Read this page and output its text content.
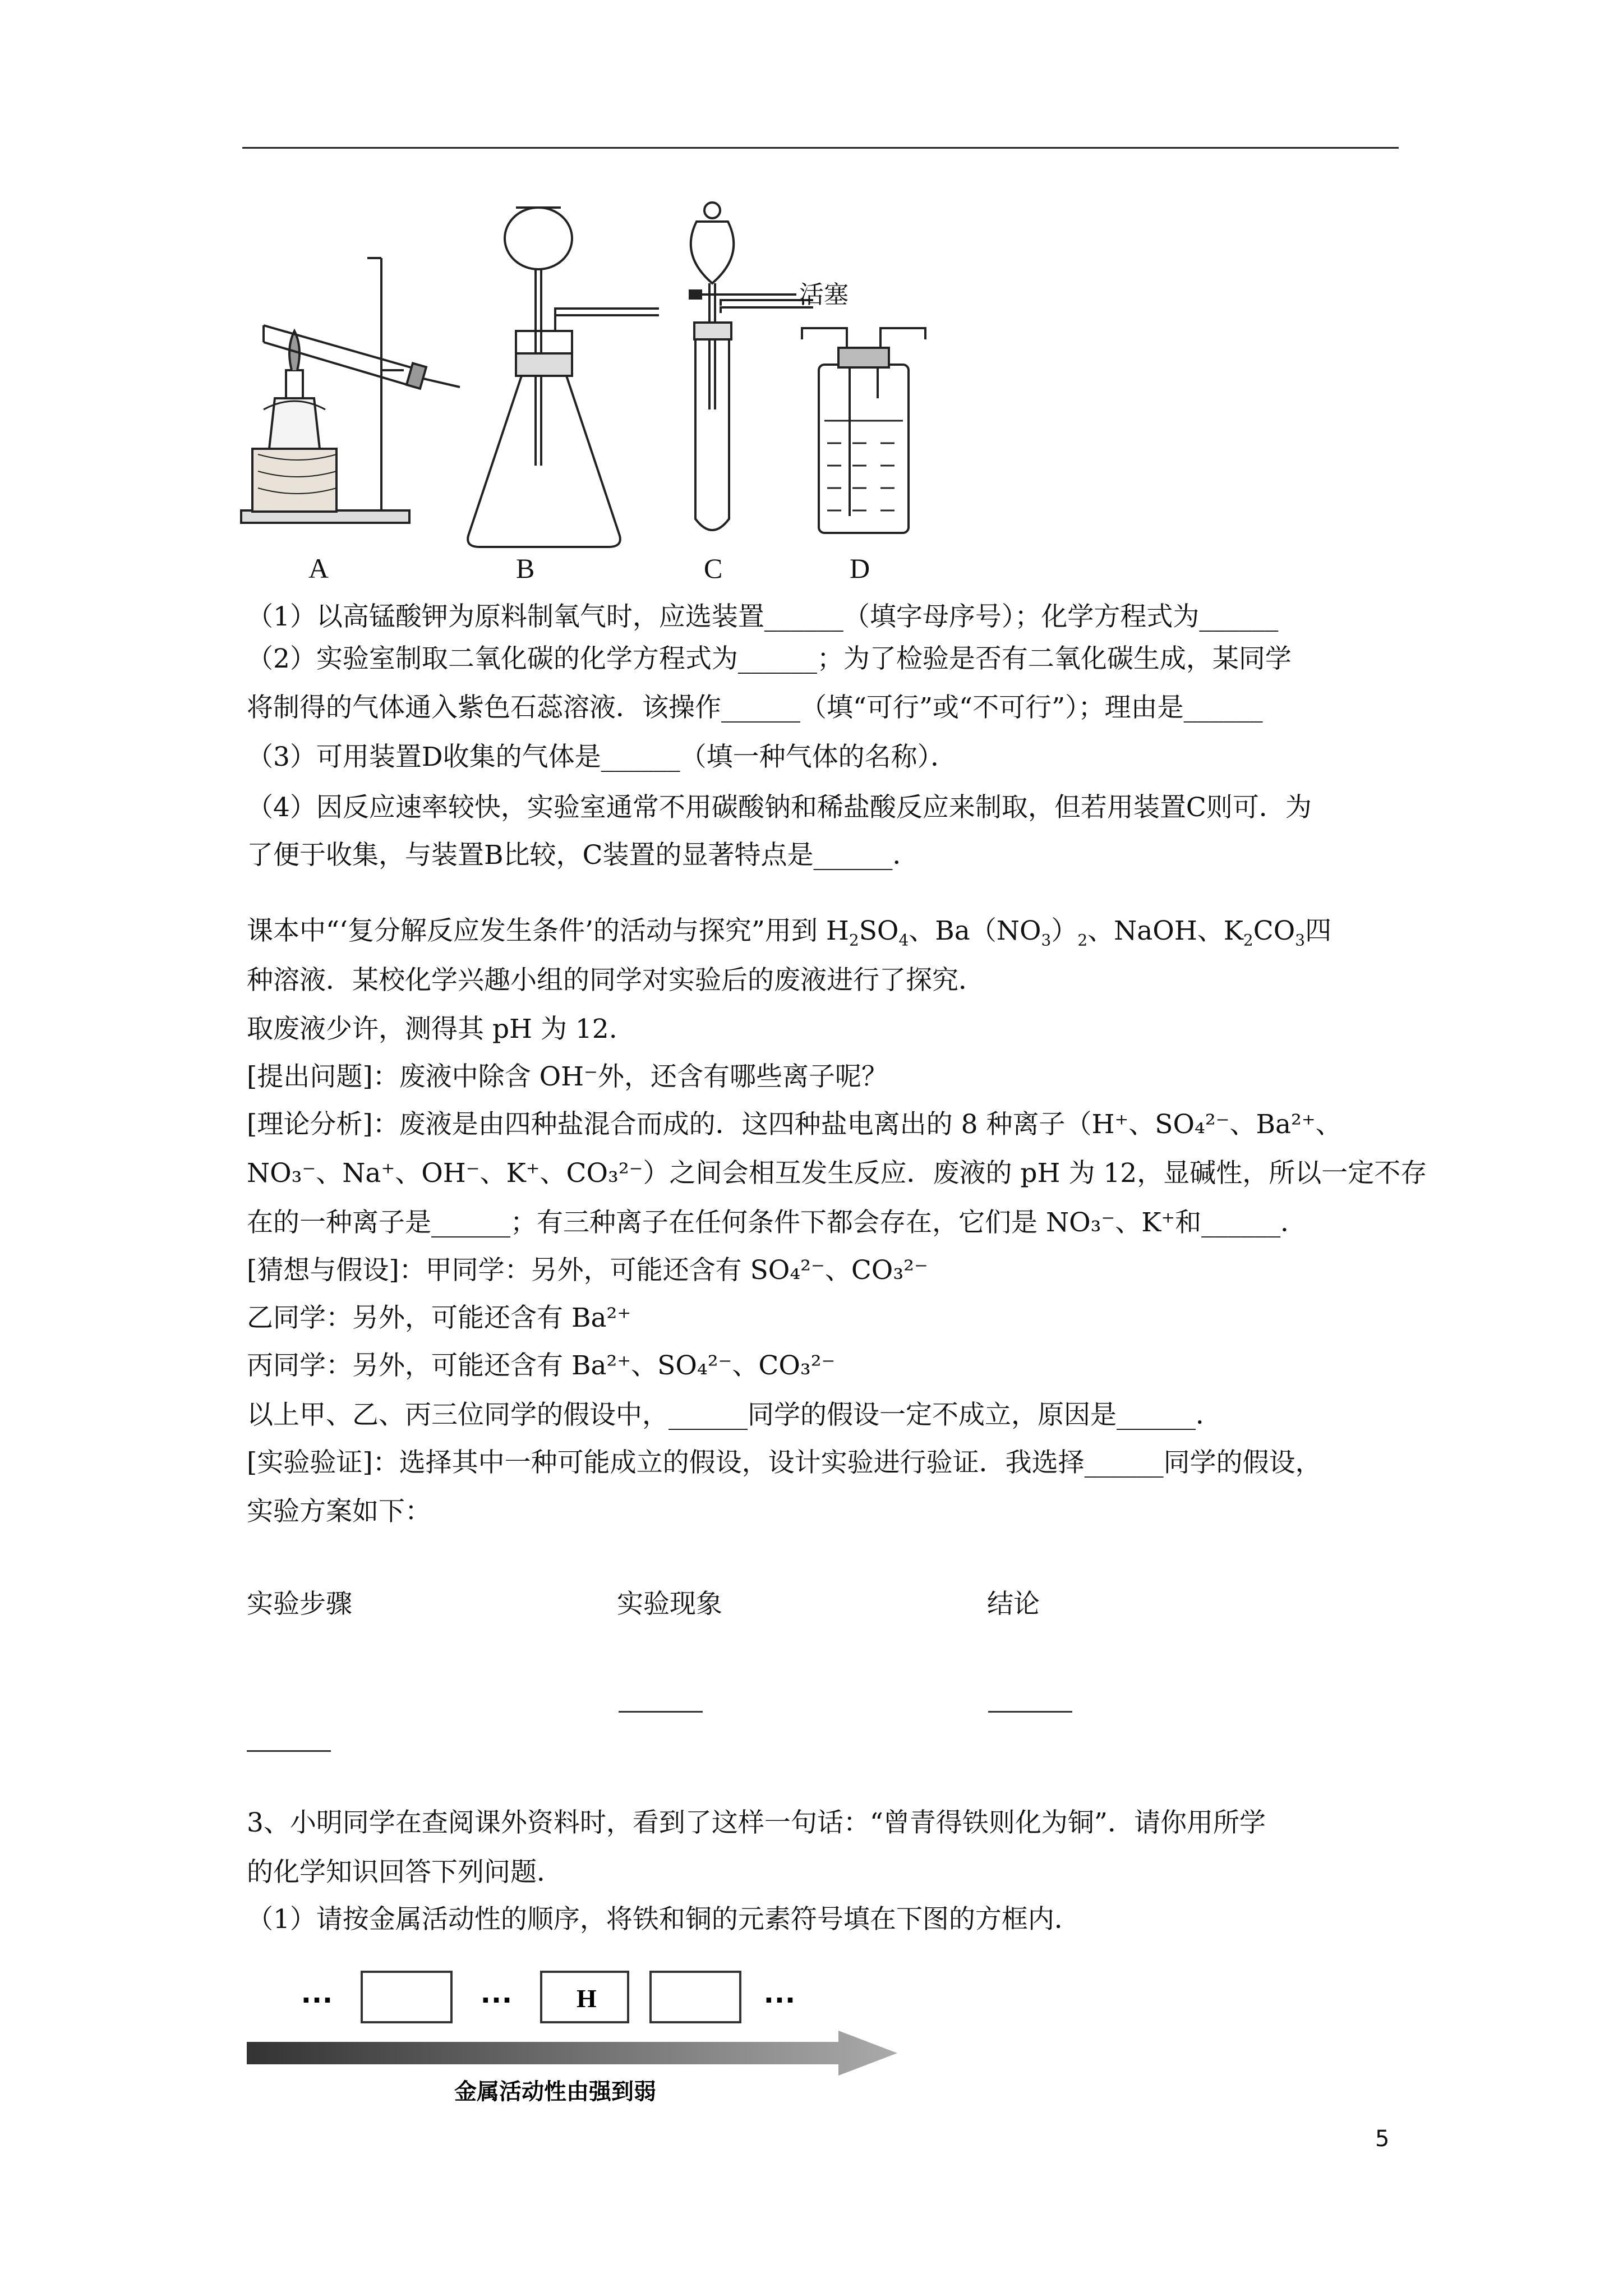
A	B	C	D
活塞
（1）以高锰酸钾为原料制氧气时，应选装置______（填字母序号）；化学方程式为______
（2）实验室制取二氧化碳的化学方程式为______；为了检验是否有二氧化碳生成，某同学
将制得的气体通入紫色石蕊溶液．该操作______（填“可行”或“不可行”）；理由是______
（3）可用装置D收集的气体是______（填一种气体的名称）．
（4）因反应速率较快，实验室通常不用碳酸钠和稀盐酸反应来制取，但若用装置C则可．为
了便于收集，与装置B比较，C装置的显著特点是______．
课本中“‘复分解反应发生条件’的活动与探究”用到 $H_2SO_4$、$Ba(NO_3)_2$、NaOH、$K_2CO_3$四
种溶液．某校化学兴趣小组的同学对实验后的废液进行了探究．
取废液少许，测得其 pH 为 12.
[提出问题]：废液中除含 OH⁻外，还含有哪些离子呢？
[理论分析]：废液是由四种盐混合而成的．这四种盐电离出的 8 种离子（H⁺、SO₄²⁻、Ba²⁺、
NO₃⁻、Na⁺、OH⁻、K⁺、CO₃²⁻）之间会相互发生反应．废液的 pH 为 12，显碱性，所以一定不存
在的一种离子是______；有三种离子在任何条件下都会存在，它们是 NO₃⁻、K⁺和______．
[猜想与假设]：甲同学：另外，可能还含有 SO₄²⁻、CO₃²⁻
乙同学：另外，可能还含有 Ba²⁺
丙同学：另外，可能还含有 Ba²⁺、SO₄²⁻、CO₃²⁻
以上甲、乙、丙三位同学的假设中，______同学的假设一定不成立，原因是______．
[实验验证]：选择其中一种可能成立的假设，设计实验进行验证．我选择______同学的假设，
实验方案如下：
实验步骤	实验现象	结论
3、小明同学在查阅课外资料时，看到了这样一句话：“曾青得铁则化为铜”．请你用所学
的化学知识回答下列问题．
（1）请按金属活动性的顺序，将铁和铜的元素符号填在下图的方框内．
…	… H	…
金属活动性由强到弱
5
